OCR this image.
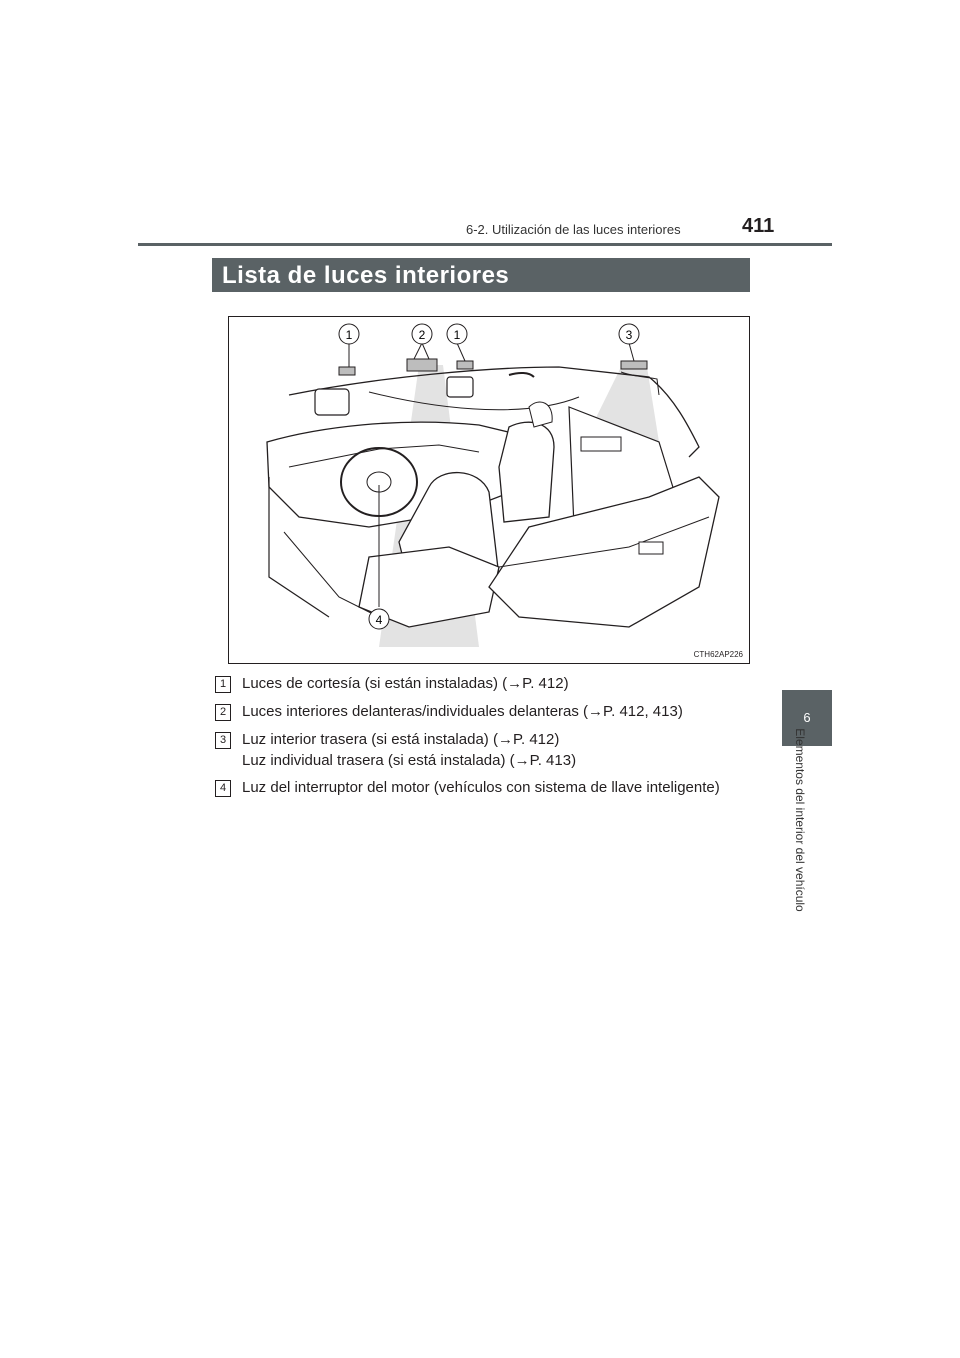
6-2. Utilización de las luces interiores	411
Lista de luces interiores
6
Elementos del interior del vehículo
1	2 1	3
4
CTH62AP226
1	Luces de cortesía (si están instaladas) (→P. 412)
2	Luces interiores delanteras/individuales delanteras (→P. 412, 413)
3	Luz interior trasera (si está instalada) (→P. 412)
Luz individual trasera (si está instalada) (→P. 413)
4	Luz del interruptor del motor (vehículos con sistema de llave inteligente)
